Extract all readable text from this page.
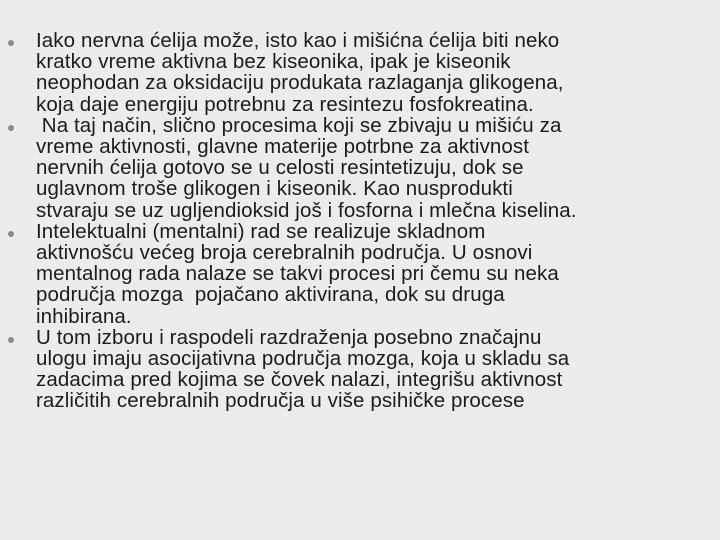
Iako nervna ćelija može, isto kao i mišićna ćelija biti neko
kratko vreme aktivna bez kiseonika, ipak je kiseonik
neophodan za oksidaciju produkata razlaganja glikogena,
koja daje energiju potrebnu za resintezu fosfokreatina.
Na taj način, slično procesima koji se zbivaju u mišiću za
vreme aktivnosti, glavne materije potrbne za aktivnost
nervnih ćelija gotovo se u celosti resintetizuju, dok se
uglavnom troše glikogen i kiseonik. Kao nusprodukti
stvaraju se uz ugljendioksid još i fosforna i mlečna kiselina.
Intelektualni (mentalni) rad se realizuje skladnom
aktivnošću većeg broja cerebralnih područja. U osnovi
mentalnog rada nalaze se takvi procesi pri čemu su neka
područja mozga  pojačano aktivirana, dok su druga
inhibirana.
U tom izboru i raspodeli razdraženja posebno značajnu
ulogu imaju asocijativna područja mozga, koja u skladu sa
zadacima pred kojima se čovek nalazi, integrišu aktivnost
različitih cerebralnih područja u više psihičke procese
